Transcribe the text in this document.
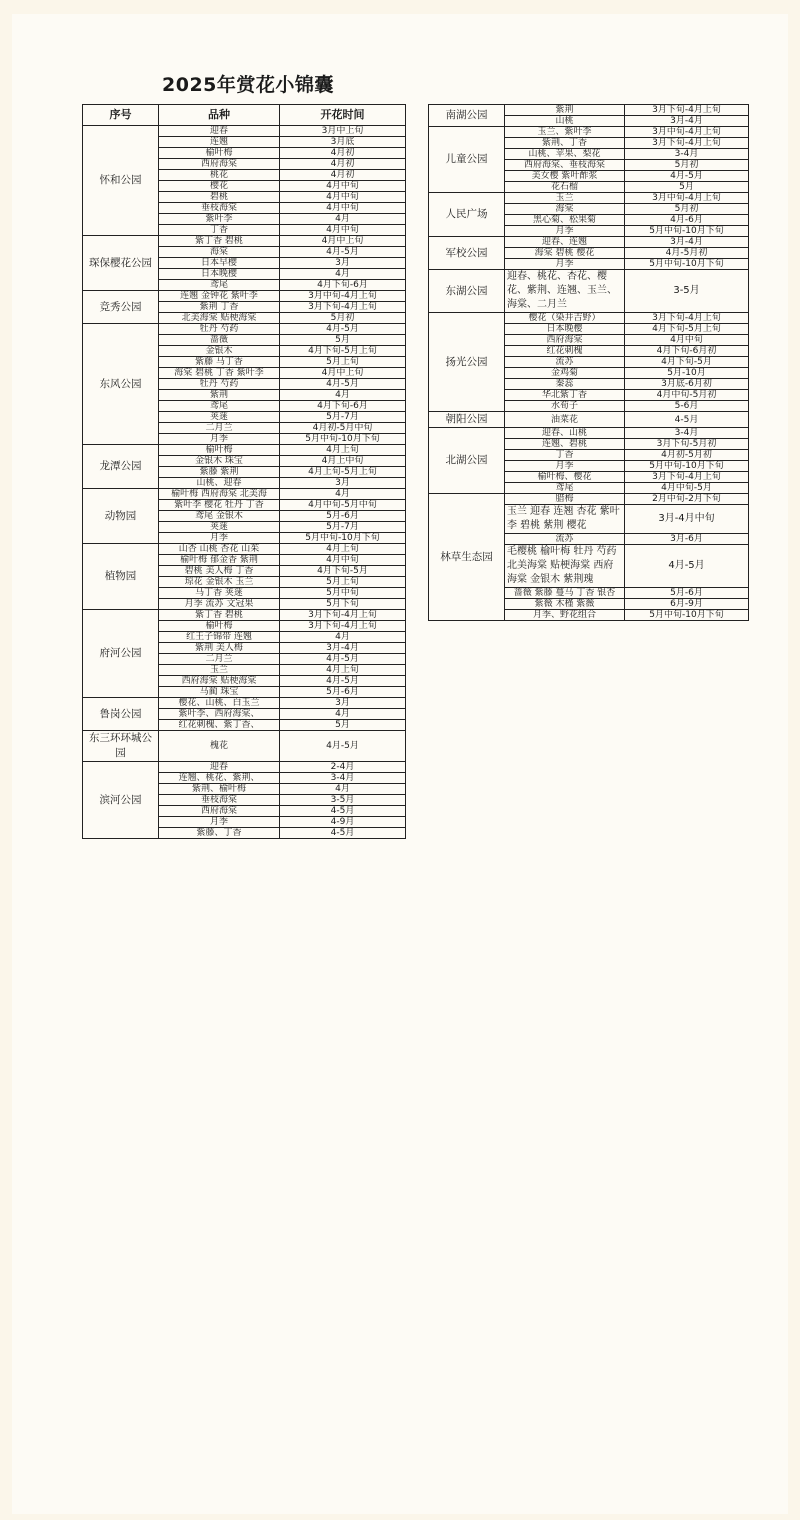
2025年赏花小锦囊
序号	品种	开花时间
怀和公园	迎春	3月中上旬
	连翘	3月底
	榆叶梅	4月初
	西府海棠	4月初
	桃花	4月初
	樱花	4月中旬
	碧桃	4月中旬
	垂枝海棠	4月中旬
	紫叶李	4月
	丁香	4月中旬
琛保樱花公园	紫丁香 碧桃	4月中上旬
	海棠	4月-5月
	日本早樱	3月
	日本晚樱	4月
	鸢尾	4月下旬-6月
竞秀公园	连翘 金钟花 紫叶李	3月中旬-4月上旬
	紫荆 丁香	3月下旬-4月上旬
	北美海棠 贴梗海棠	5月初
东风公园	牡丹 芍药	4月-5月
	蔷薇	5月
	金银木	4月下旬-5月上旬
	紫藤 马丁香	5月上旬
	海棠 碧桃 丁香 紫叶李	4月中上旬
	牡丹 芍药	4月-5月
	紫荆	4月
	鸢尾	4月下旬-6月
	荚蒾	5月-7月
	二月兰	4月初-5月中旬
	月季	5月中旬-10月下旬
龙潭公园	榆叶梅	4月上旬
	金银木 珠宝	4月上中旬
	紫藤 紫荆	4月上旬-5月上旬
	山桃、迎春	3月
动物园	榆叶梅 西府海棠 北美海	4月
	紫叶李 樱花 牡丹 丁香	4月中旬-5月中旬
	鸢尾 金银木	5月-6月
	荚蒾	5月-7月
	月季	5月中旬-10月下旬
植物园	山杏 山桃 杏花 山茱	4月上旬
	榆叶梅 郁金香 紫荆	4月中旬
	碧桃 美人梅 丁香	4月下旬-5月
	琼花 金银木 玉兰	5月上旬
	马丁香 荚蒾	5月中旬
	月季 流苏 文冠果	5月下旬
府河公园	紫丁香 碧桃	3月下旬-4月上旬
	榆叶梅	3月下旬-4月上旬
	红王子锦带 连翘	4月
	紫荆 美人梅	3月-4月
	二月兰	4月-5月
	玉兰	4月上旬
	西府海棠 贴梗海棠	4月-5月
	马蔺 珠宝	5月-6月
鲁岗公园	樱花、山桃、白玉兰	3月
	紫叶李、西府海棠、	4月
	红花刺槐、紫丁香、	5月
东三环环城公园	槐花	4月-5月
滨河公园	迎春	2-4月
	连翘、桃花、紫荆、	3-4月
	紫荆、榆叶梅	4月
	垂枝海棠	3-5月
	西府海棠	4-5月
	月季	4-9月
	紫藤、丁香	4-5月
南湖公园	紫荆	3月下旬-4月上旬
	山桃	3月-4月
儿童公园	玉兰、紫叶李	3月中旬-4月上旬
	紫荆、丁香	3月下旬-4月上旬
	山桃、苹果、梨花	3-4月
	西府海棠、垂枝海棠	5月初
	美女樱 紫叶酢浆	4月-5月
	花石榴	5月
人民广场	玉兰	3月中旬-4月上旬
	海棠	5月初
	黑心菊、松果菊	4月-6月
	月季	5月中旬-10月下旬
军校公园	迎春、连翘	3月-4月
	海棠 碧桃 樱花	4月-5月初
	月季	5月中旬-10月下旬
东湖公园	迎春、桃花、杏花、樱花、紫荆、连翘、玉兰、海棠、二月兰	3-5月
扬光公园	樱花（染井吉野）	3月下旬-4月上旬
	日本晚樱	4月下旬-5月上旬
	西府海棠	4月中旬
	红花刺槐	4月下旬-6月初
	流苏	4月下旬-5月
	金鸡菊	5月-10月
	秦蕊	3月底-6月初
	华北紫丁香	4月中旬-5月初
	水荀子	5-6月
朝阳公园	油菜花	4-5月
北湖公园	迎春、山桃	3-4月
	连翘、碧桃	3月下旬-5月初
	丁香	4月初-5月初
	月季	5月中旬-10月下旬
	榆叶梅、樱花	3月下旬-4月上旬
	鸢尾	4月中旬-5月
林草生态园	腊梅	2月中旬-2月下旬
	玉兰 迎春 连翘 杏花 紫叶李 碧桃 紫荆 樱花	3月-4月中旬
	流苏	3月-6月
	毛樱桃 榆叶梅 牡丹 芍药 北美海棠 贴梗海棠 西府海棠 金银木 紫荆瑰	4月-5月
	蔷薇 紫藤 蔓马 丁香 银杏	5月-6月
	紫薇 木槿 紫薇	6月-9月
	月季、野花组合	5月中旬-10月下旬
